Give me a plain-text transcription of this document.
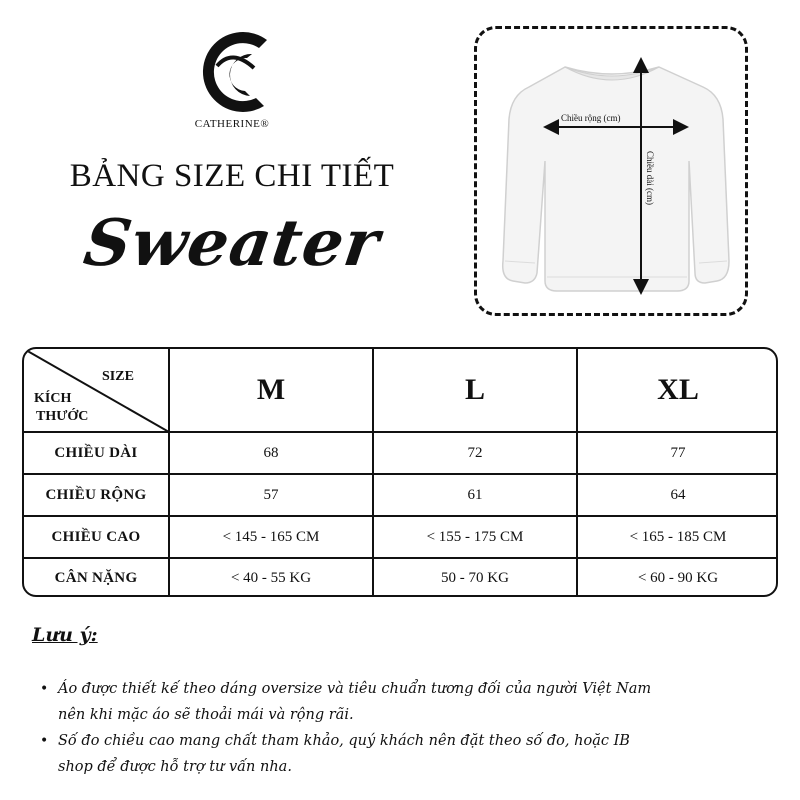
CATHERINE®
BẢNG SIZE CHI TIẾT
Sweater
Chiều rộng (cm)
Chiều dài (cm)
SIZE
KÍCH
THƯỚC
M	L	XL
CHIỀU DÀI	68	72	77
CHIỀU RỘNG	57	61	64
CHIỀU CAO	< 145 - 165 CM	< 155 - 175 CM	< 165 - 185 CM
CÂN NẶNG	< 40 - 55 KG	50 - 70 KG	< 60 - 90 KG
Lưu ý:
• Áo được thiết kế theo dáng oversize và tiêu chuẩn tương đối của người Việt Nam
nên khi mặc áo sẽ thoải mái và rộng rãi.
• Số đo chiều cao mang chất tham khảo, quý khách nên đặt theo số đo, hoặc IB
shop để được hỗ trợ tư vấn nha.
